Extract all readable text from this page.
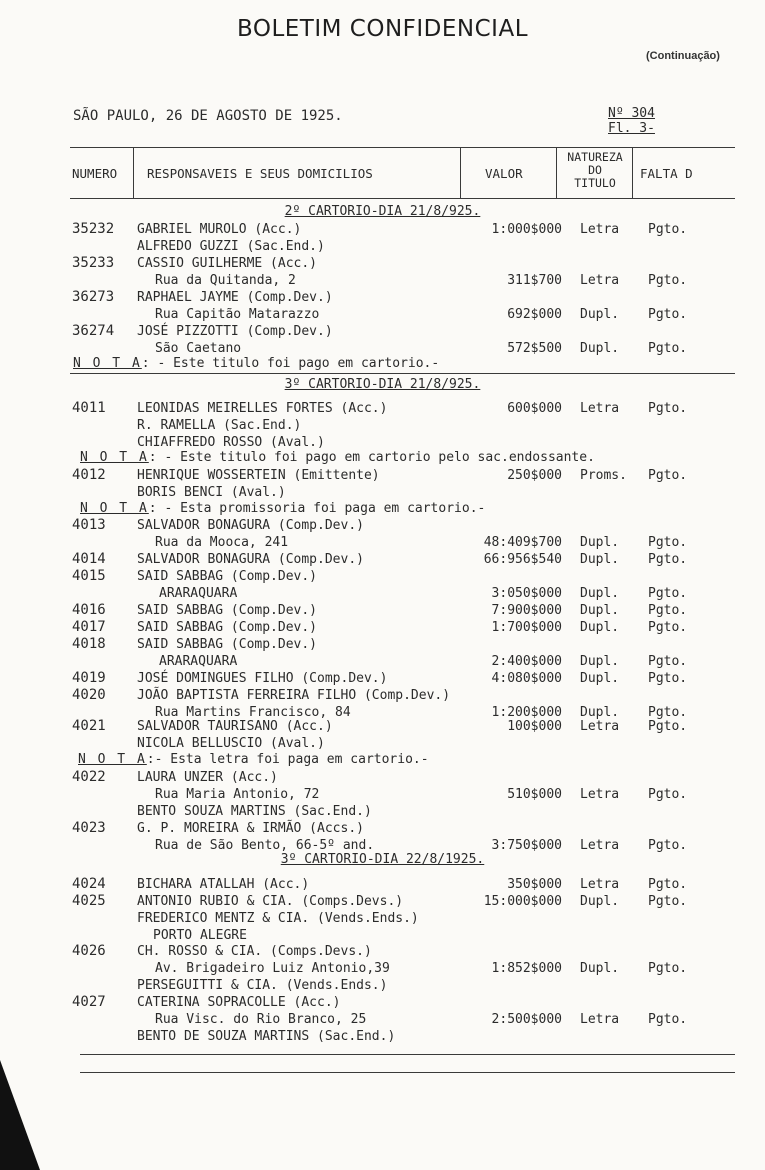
BOLETIM CONFIDENCIAL
(Continuação)
SÃO PAULO, 26 DE AGOSTO DE 1925.	Nº 304
Fl. 3-
NUMERO RESPONSAVEIS E SEUS DOMICILIOS	VALOR
NATUREZA
DO
TITULO
FALTA D
2º CARTORIO-DIA 21/8/925.
3º CARTORIO-DIA 21/8/925.
3º CARTORIO-DIA 22/8/1925.
N O T A: - Este titulo foi pago em cartorio.-
N O T A: - Este titulo foi pago em cartorio pelo sac.endossante.
N O T A: - Esta promissoria foi paga em cartorio.-
N O T A:- Esta letra foi paga em cartorio.-
35232	GABRIEL MUROLO (Acc.)	1:000$000 Letra Pgto.
ALFREDO GUZZI (Sac.End.)
35233	CASSIO GUILHERME (Acc.)
Rua da Quitanda, 2	311$700 Letra Pgto.
36273	RAPHAEL JAYME (Comp.Dev.)
Rua Capitão Matarazzo	692$000 Dupl. Pgto.
36274	JOSÉ PIZZOTTI (Comp.Dev.)
São Caetano	572$500 Dupl. Pgto.
4011	LEONIDAS MEIRELLES FORTES (Acc.)	600$000 Letra Pgto.
R. RAMELLA (Sac.End.)
CHIAFFREDO ROSSO (Aval.)
4012	HENRIQUE WOSSERTEIN (Emittente)	250$000 Proms. Pgto.
BORIS BENCI (Aval.)
4013	SALVADOR BONAGURA (Comp.Dev.)
Rua da Mooca, 241	48:409$700 Dupl. Pgto.
4014	SALVADOR BONAGURA (Comp.Dev.)	66:956$540 Dupl. Pgto.
4015	SAID SABBAG (Comp.Dev.)
ARARAQUARA	3:050$000 Dupl. Pgto.
4016	SAID SABBAG (Comp.Dev.)	7:900$000 Dupl. Pgto.
4017	SAID SABBAG (Comp.Dev.)	1:700$000 Dupl. Pgto.
4018	SAID SABBAG (Comp.Dev.)
ARARAQUARA	2:400$000 Dupl. Pgto.
4019	JOSÉ DOMINGUES FILHO (Comp.Dev.)	4:080$000 Dupl. Pgto.
4020	JOÃO BAPTISTA FERREIRA FILHO (Comp.Dev.)
Rua Martins Francisco, 84	1:200$000 Dupl. Pgto.
4021	SALVADOR TAURISANO (Acc.)	100$000 Letra Pgto.
NICOLA BELLUSCIO (Aval.)
4022	LAURA UNZER (Acc.)
Rua Maria Antonio, 72	510$000 Letra Pgto.
BENTO SOUZA MARTINS (Sac.End.)
4023	G. P. MOREIRA & IRMÃO (Accs.)
Rua de São Bento, 66-5º and.	3:750$000 Letra Pgto.
4024	BICHARA ATALLAH (Acc.)	350$000 Letra Pgto.
4025	ANTONIO RUBIO & CIA. (Comps.Devs.)	15:000$000 Dupl. Pgto.
FREDERICO MENTZ & CIA. (Vends.Ends.)
PORTO ALEGRE
4026	CH. ROSSO & CIA. (Comps.Devs.)
Av. Brigadeiro Luiz Antonio,39	1:852$000 Dupl. Pgto.
PERSEGUITTI & CIA. (Vends.Ends.)
4027	CATERINA SOPRACOLLE (Acc.)
Rua Visc. do Rio Branco, 25	2:500$000 Letra Pgto.
BENTO DE SOUZA MARTINS (Sac.End.)
